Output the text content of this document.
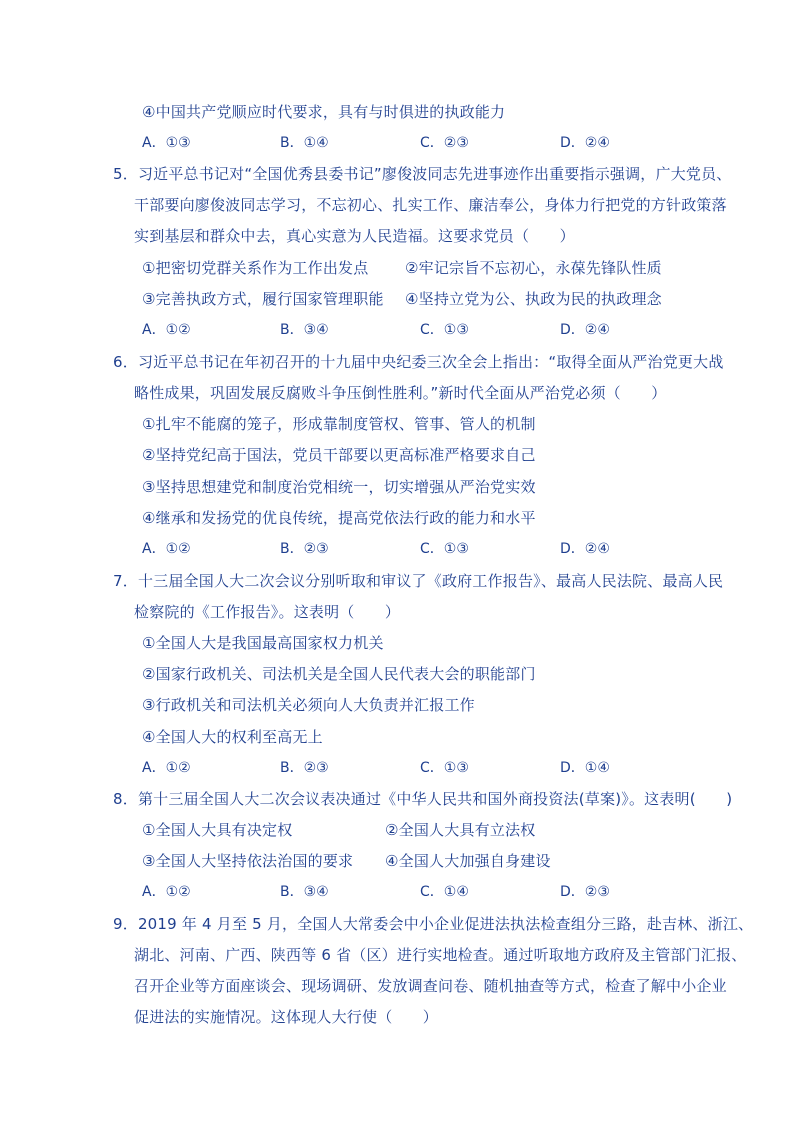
④中国共产党顺应时代要求，具有与时俱进的执政能力
A．①③	B．①④	C．②③	D．②④
5．习近平总书记对“全国优秀县委书记”廖俊波同志先进事迹作出重要指示强调，广大党员、
干部要向廖俊波同志学习，不忘初心、扎实工作、廉洁奉公，身体力行把党的方针政策落
实到基层和群众中去，真心实意为人民造福。这要求党员（　　）
①把密切党群关系作为工作出发点 ②牢记宗旨不忘初心，永葆先锋队性质
③完善执政方式，履行国家管理职能 ④坚持立党为公、执政为民的执政理念
A．①②	B．③④	C．①③	D．②④
6．习近平总书记在年初召开的十九届中央纪委三次全会上指出：“取得全面从严治党更大战
略性成果，巩固发展反腐败斗争压倒性胜利。”新时代全面从严治党必须（　　）
①扎牢不能腐的笼子，形成靠制度管权、管事、管人的机制
②坚持党纪高于国法，党员干部要以更高标准严格要求自己
③坚持思想建党和制度治党相统一，切实增强从严治党实效
④继承和发扬党的优良传统，提高党依法行政的能力和水平
A．①②	B．②③	C．①③	D．②④
7．十三届全国人大二次会议分别听取和审议了《政府工作报告》、最高人民法院、最高人民
检察院的《工作报告》。这表明（　　）
①全国人大是我国最高国家权力机关
②国家行政机关、司法机关是全国人民代表大会的职能部门
③行政机关和司法机关必须向人大负责并汇报工作
④全国人大的权利至高无上
A．①②	B．②③	C．①③	D．①④
8．第十三届全国人大二次会议表决通过《中华人民共和国外商投资法(草案)》。这表明(　　)
①全国人大具有决定权	②全国人大具有立法权
③全国人大坚持依法治国的要求 ④全国人大加强自身建设
A．①②	B．③④	C．①④	D．②③
9．2019 年 4 月至 5 月，全国人大常委会中小企业促进法执法检查组分三路，赴吉林、浙江、
湖北、河南、广西、陕西等 6 省（区）进行实地检查。通过听取地方政府及主管部门汇报、
召开企业等方面座谈会、现场调研、发放调查问卷、随机抽查等方式，检查了解中小企业
促进法的实施情况。这体现人大行使（　　）
